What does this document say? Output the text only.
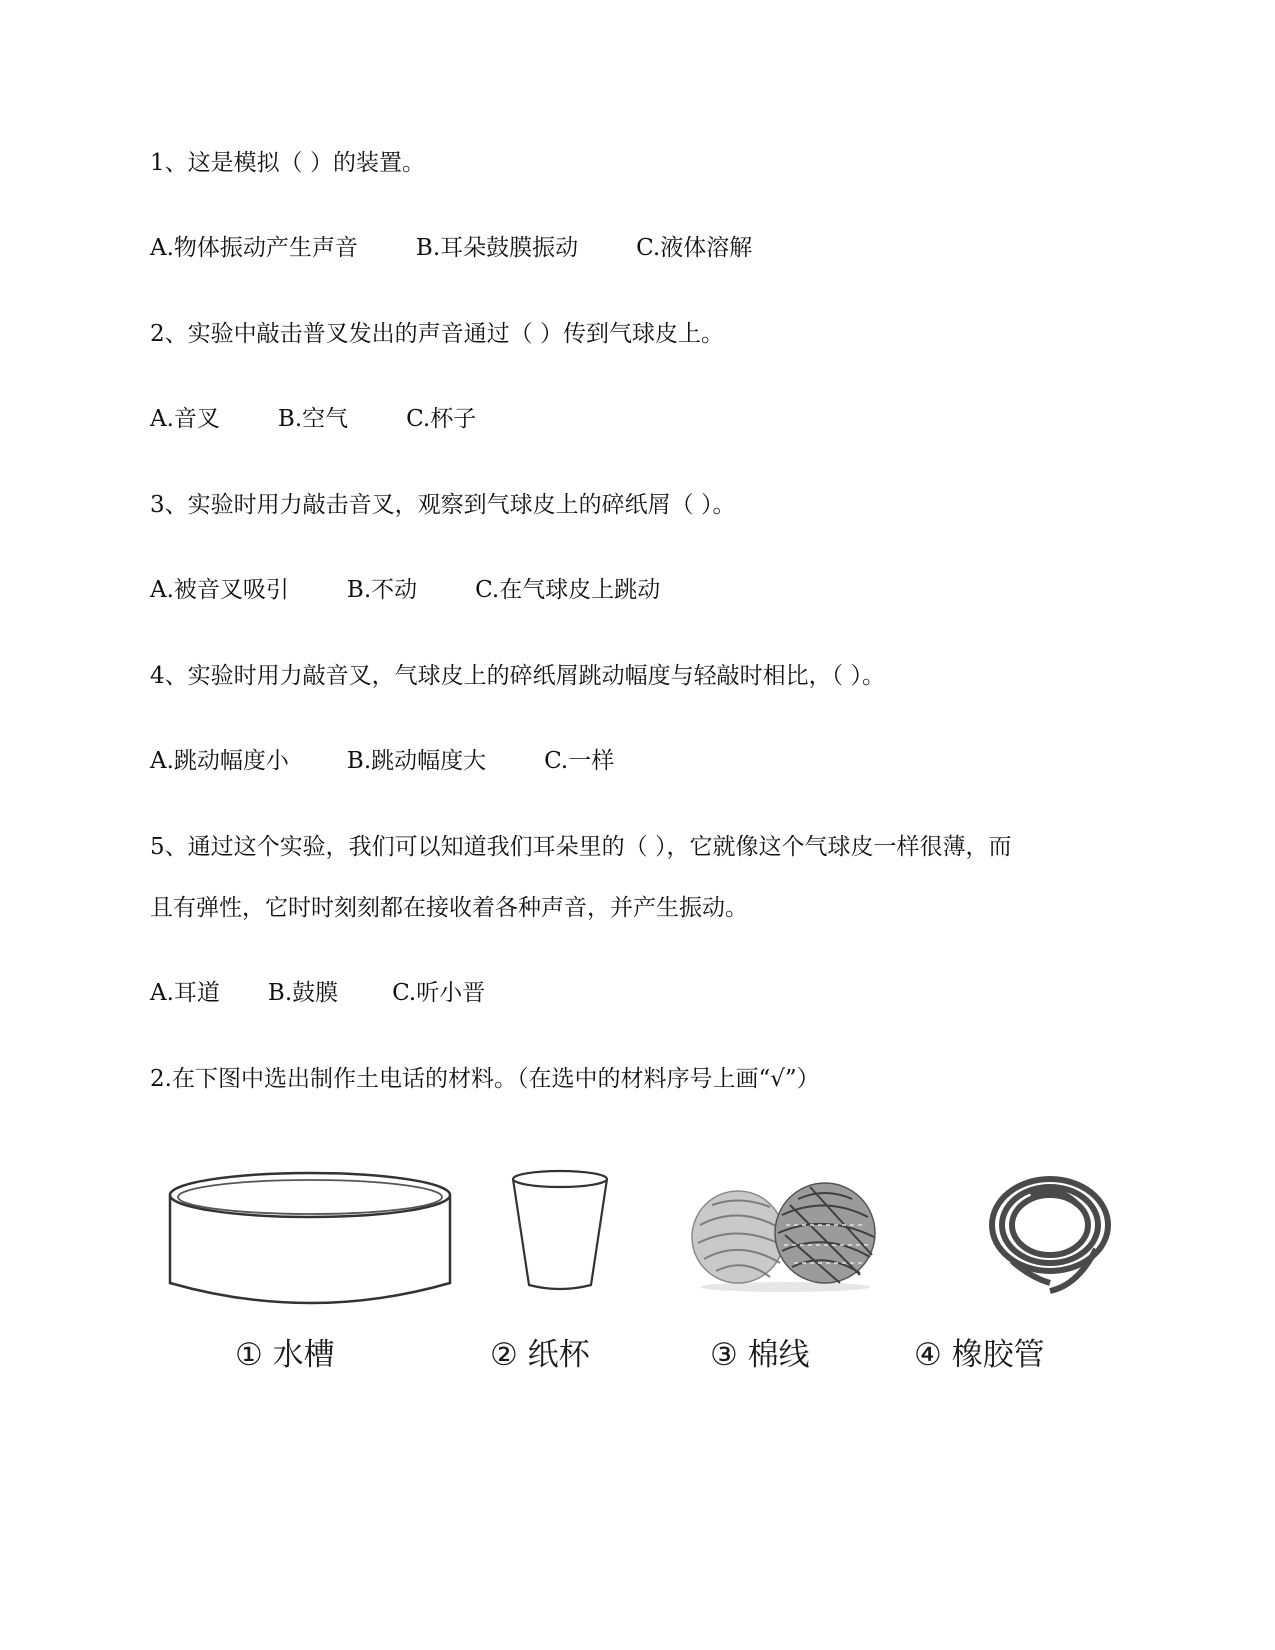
1、这是模拟（ ）的装置。
A.物体振动产生声音	B.耳朵鼓膜振动	C.液体溶解
2、实验中敲击普叉发出的声音通过（ ）传到气球皮上。
A.音叉	B.空气	C.杯子
3、实验时用力敲击音叉，观察到气球皮上的碎纸屑（ ）。
A.被音叉吸引	B.不动	C.在气球皮上跳动
4、实验时用力敲音叉，气球皮上的碎纸屑跳动幅度与轻敲时相比，（ ）。
A.跳动幅度小	B.跳动幅度大	C.一样
5、通过这个实验，我们可以知道我们耳朵里的（ ），它就像这个气球皮一样很薄，而
且有弹性，它时时刻刻都在接收着各种声音，并产生振动。
A.耳道 B.鼓膜 C.听小晋
2.在下图中选出制作土电话的材料。（在选中的材料序号上画“√”）
① 水槽	② 纸杯	③ 棉线	④ 橡胶管
